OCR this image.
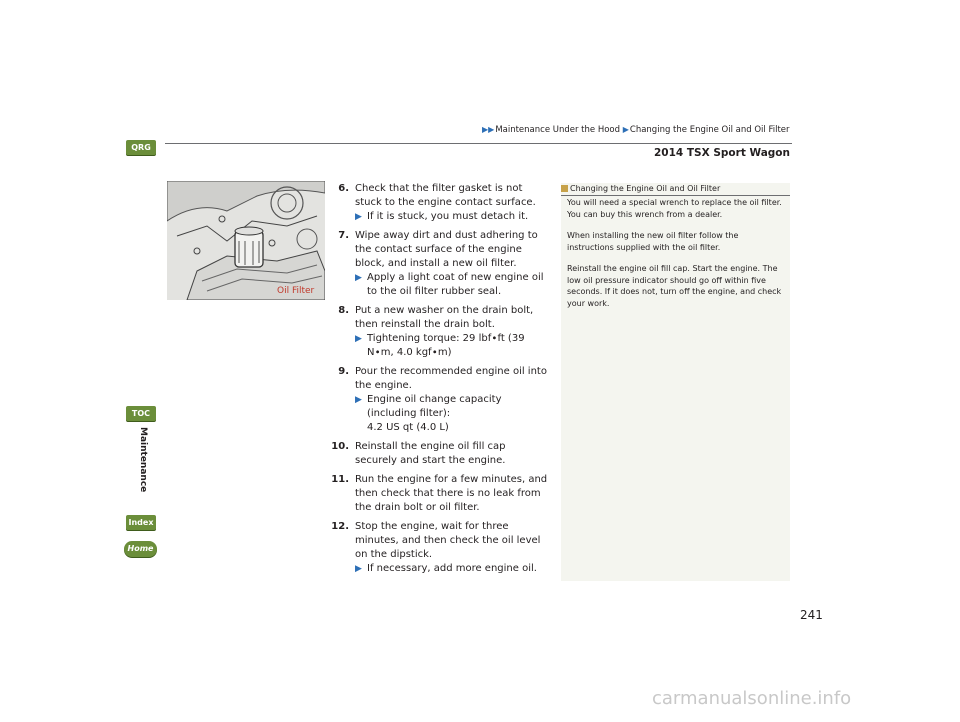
▶▶Maintenance Under the Hood ▶Changing the Engine Oil and Oil Filter
2014 TSX Sport Wagon
QRG
TOC
Maintenance
Index
Home
Oil Filter
6. Check that the filter gasket is not stuck to the engine contact surface.
▶ If it is stuck, you must detach it.
7. Wipe away dirt and dust adhering to the contact surface of the engine block, and install a new oil filter.
▶ Apply a light coat of new engine oil to the oil filter rubber seal.
8. Put a new washer on the drain bolt, then reinstall the drain bolt.
▶ Tightening torque: 29 lbf∙ft (39 N∙m, 4.0 kgf∙m)
9. Pour the recommended engine oil into the engine.
▶ Engine oil change capacity (including filter):
4.2 US qt (4.0 L)
10. Reinstall the engine oil fill cap securely and start the engine.
11. Run the engine for a few minutes, and then check that there is no leak from the drain bolt or oil filter.
12. Stop the engine, wait for three minutes, and then check the oil level on the dipstick.
▶ If necessary, add more engine oil.
Changing the Engine Oil and Oil Filter

You will need a special wrench to replace the oil filter. You can buy this wrench from a dealer.

When installing the new oil filter follow the instructions supplied with the oil filter.

Reinstall the engine oil fill cap. Start the engine. The low oil pressure indicator should go off within five seconds. If it does not, turn off the engine, and check your work.

241
carmanualsonline.info
